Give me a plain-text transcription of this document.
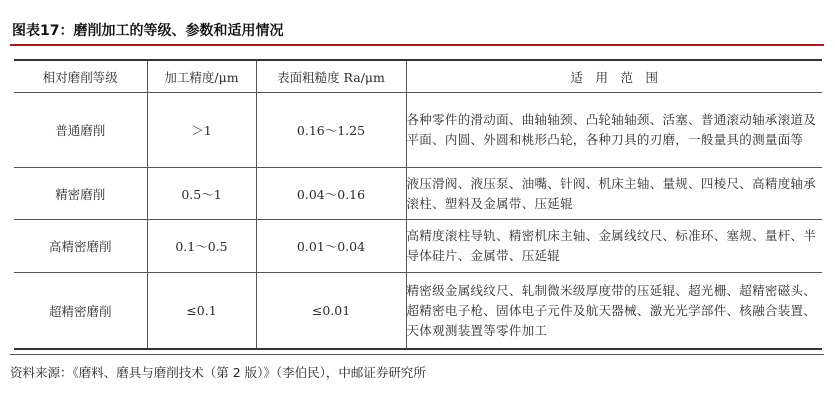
图表17：磨削加工的等级、参数和适用情况
相对磨削等级	加工精度/μm	表面粗糙度 Ra/μm	适　用　范　围
普通磨削	＞1	0.16～1.25	各种零件的滑动面、曲轴轴颈、凸轮轴轴颈、活塞、普通滚动轴承滚道及平面、内圆、外圆和桃形凸轮，各种刀具的刃磨，一般量具的测量面等
精密磨削	0.5～1	0.04～0.16	液压滑阀、液压泵、油嘴、针阀、机床主轴、量规、四棱尺、高精度轴承滚柱、塑料及金属带、压延辊
高精密磨削	0.1～0.5	0.01～0.04	高精度滚柱导轨、精密机床主轴、金属线纹尺、标准环、塞规、量杆、半导体硅片、金属带、压延辊
超精密磨削	≤0.1	≤0.01	精密级金属线纹尺、轧制微米级厚度带的压延辊、超光栅、超精密磁头、超精密电子枪、固体电子元件及航天器械、激光光学部件、核融合装置、天体观测装置等零件加工
资料来源：《磨料、磨具与磨削技术（第 2 版）》（李伯民），中邮证券研究所
